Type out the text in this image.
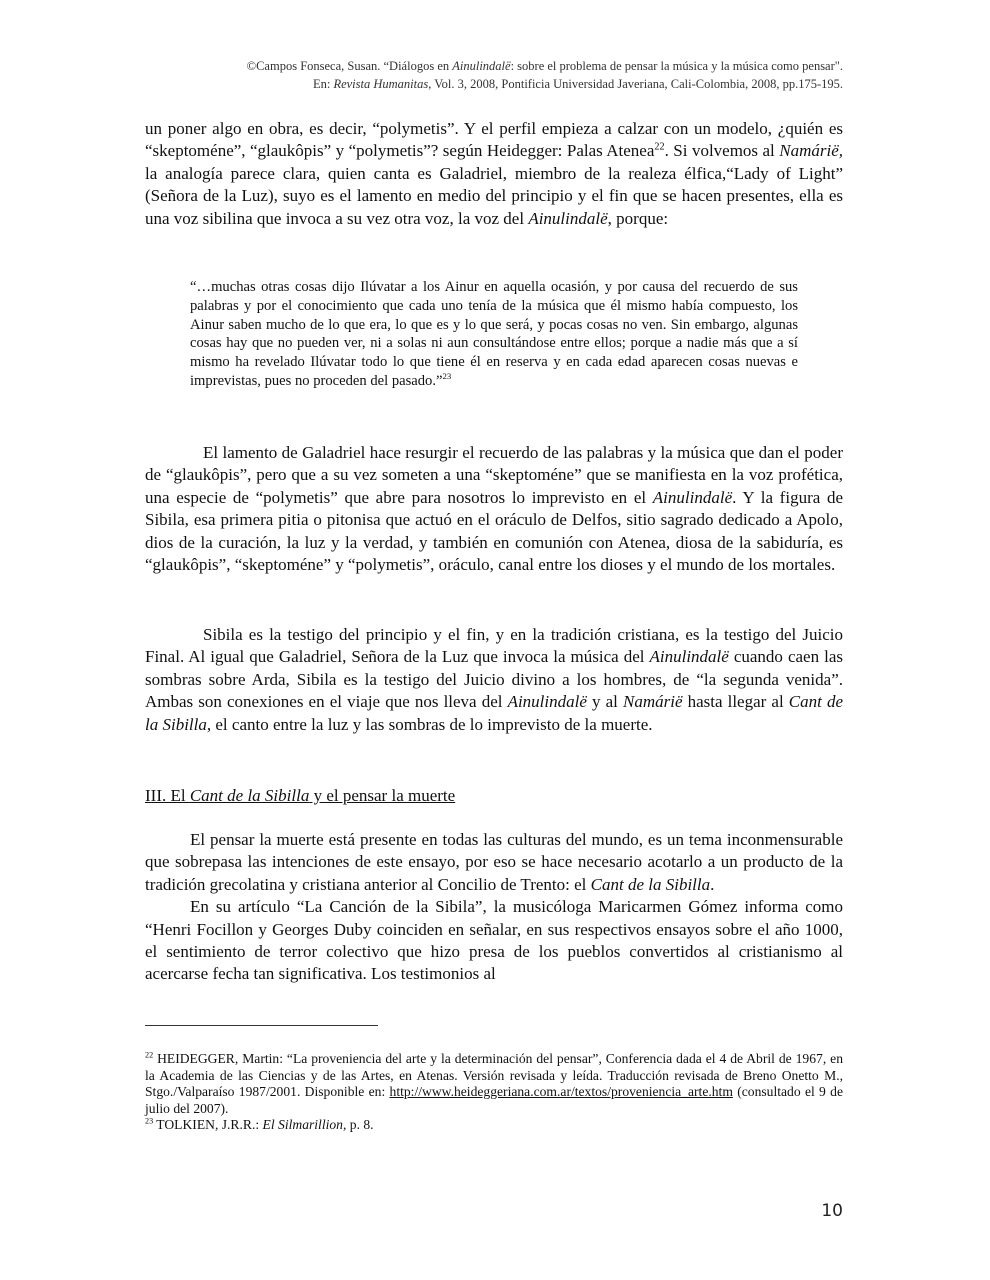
©Campos Fonseca, Susan. “Diálogos en Ainulindalë: sobre el problema de pensar la música y la música como pensar".
En: Revista Humanitas, Vol. 3, 2008, Pontificia Universidad Javeriana, Cali-Colombia, 2008, pp.175-195.

un poner algo en obra, es decir, “polymetis”. Y el perfil empieza a calzar con un modelo, ¿quién es “skeptoméne”, “glaukôpis” y “polymetis”? según Heidegger: Palas Atenea$^{22}$. Si volvemos al Namárië, la analogía parece clara, quien canta es Galadriel, miembro de la realeza élfica,“Lady of Light” (Señora de la Luz), suyo es el lamento en medio del principio y el fin que se hacen presentes, ella es una voz sibilina que invoca a su vez otra voz, la voz del Ainulindalë, porque:

“…muchas otras cosas dijo Ilúvatar a los Ainur en aquella ocasión, y por causa del recuerdo de sus palabras y por el conocimiento que cada uno tenía de la música que él mismo había compuesto, los Ainur saben mucho de lo que era, lo que es y lo que será, y pocas cosas no ven. Sin embargo, algunas cosas hay que no pueden ver, ni a solas ni aun consultándose entre ellos; porque a nadie más que a sí mismo ha revelado Ilúvatar todo lo que tiene él en reserva y en cada edad aparecen cosas nuevas e imprevistas, pues no proceden del pasado.”$^{23}$

El lamento de Galadriel hace resurgir el recuerdo de las palabras y la música que dan el poder de “glaukôpis”, pero que a su vez someten a una “skeptoméne” que se manifiesta en la voz profética, una especie de “polymetis” que abre para nosotros lo imprevisto en el Ainulindalë. Y la figura de Sibila, esa primera pitia o pitonisa que actuó en el oráculo de Delfos, sitio sagrado dedicado a Apolo, dios de la curación, la luz y la verdad, y también en comunión con Atenea, diosa de la sabiduría, es “glaukôpis”, “skeptoméne” y “polymetis”, oráculo, canal entre los dioses y el mundo de los mortales.

Sibila es la testigo del principio y el fin, y en la tradición cristiana, es la testigo del Juicio Final. Al igual que Galadriel, Señora de la Luz que invoca la música del Ainulindalë cuando caen las sombras sobre Arda, Sibila es la testigo del Juicio divino a los hombres, de “la segunda venida”. Ambas son conexiones en el viaje que nos lleva del Ainulindalë y al Namárië hasta llegar al Cant de la Sibilla, el canto entre la luz y las sombras de lo imprevisto de la muerte.

III. El Cant de la Sibilla y el pensar la muerte

El pensar la muerte está presente en todas las culturas del mundo, es un tema inconmensurable que sobrepasa las intenciones de este ensayo, por eso se hace necesario acotarlo a un producto de la tradición grecolatina y cristiana anterior al Concilio de Trento: el Cant de la Sibilla.

En su artículo “La Canción de la Sibila”, la musicóloga Maricarmen Gómez informa como “Henri Focillon y Georges Duby coinciden en señalar, en sus respectivos ensayos sobre el año 1000, el sentimiento de terror colectivo que hizo presa de los pueblos convertidos al cristianismo al acercarse fecha tan significativa. Los testimonios al

$^{22}$ HEIDEGGER, Martin: “La proveniencia del arte y la determinación del pensar”, Conferencia dada el 4 de Abril de 1967, en la Academia de las Ciencias y de las Artes, en Atenas. Versión revisada y leída. Traducción revisada de Breno Onetto M., Stgo./Valparaíso 1987/2001. Disponible en: http://www.heideggeriana.com.ar/textos/proveniencia_arte.htm (consultado el 9 de julio del 2007).

$^{23}$ TOLKIEN, J.R.R.: El Silmarillion, p. 8.

10
